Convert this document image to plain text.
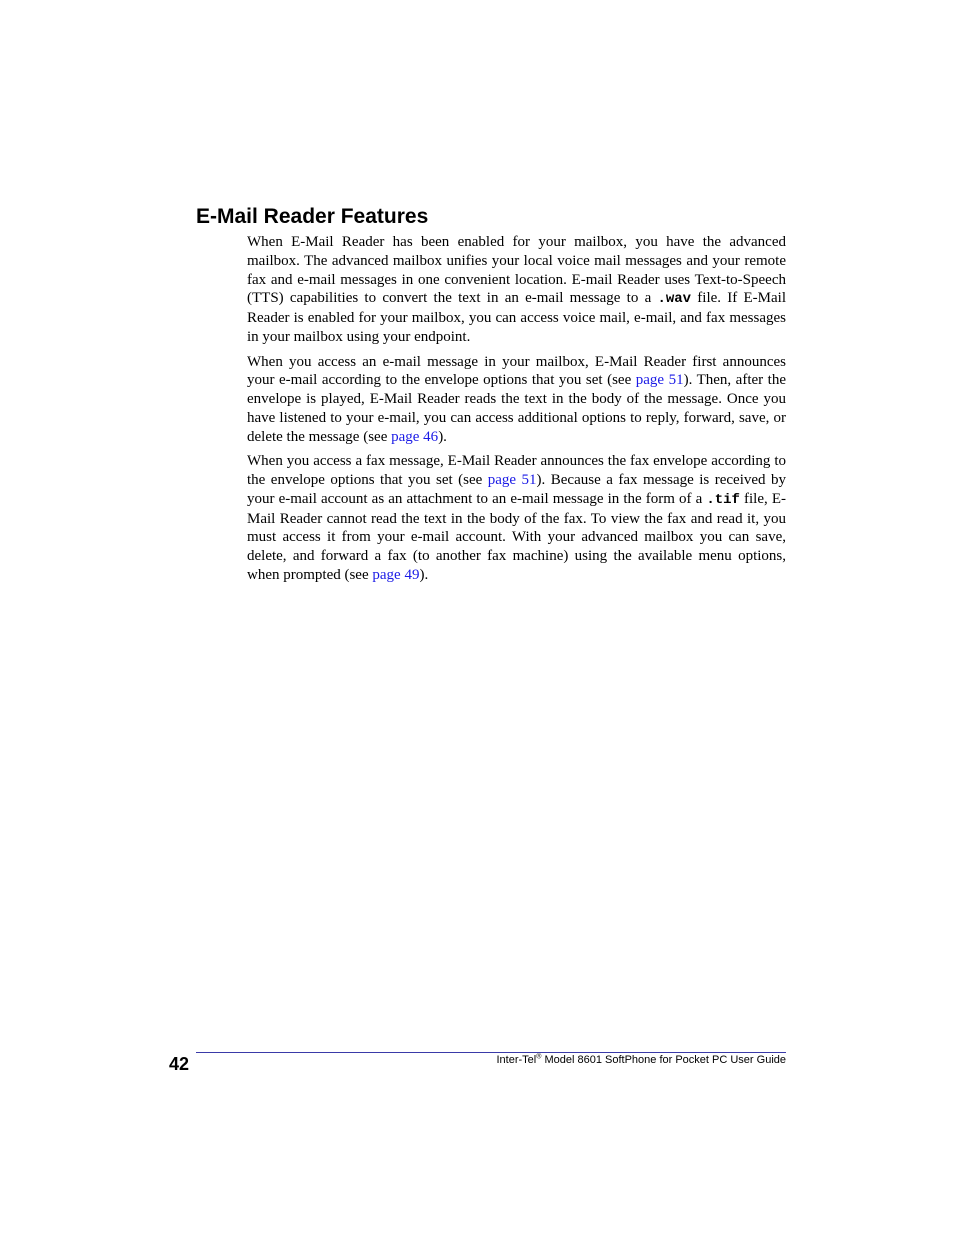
E-Mail Reader Features

When E-Mail Reader has been enabled for your mailbox, you have the advanced mailbox. The advanced mailbox unifies your local voice mail messages and your remote fax and e-mail messages in one convenient location. E-mail Reader uses Text-to-Speech (TTS) capabilities to convert the text in an e-mail message to a .wav file. If E-Mail Reader is enabled for your mailbox, you can access voice mail, e-mail, and fax messages in your mailbox using your endpoint.

When you access an e-mail message in your mailbox, E-Mail Reader first announces your e-mail according to the envelope options that you set (see page 51). Then, after the envelope is played, E-Mail Reader reads the text in the body of the message. Once you have listened to your e-mail, you can access additional options to reply, forward, save, or delete the message (see page 46).

When you access a fax message, E-Mail Reader announces the fax envelope according to the envelope options that you set (see page 51). Because a fax message is received by your e-mail account as an attachment to an e-mail message in the form of a .tif file, E-Mail Reader cannot read the text in the body of the fax. To view the fax and read it, you must access it from your e-mail account. With your advanced mailbox you can save, delete, and forward a fax (to another fax machine) using the available menu options, when prompted (see page 49).

42	Inter-Tel® Model 8601 SoftPhone for Pocket PC User Guide
